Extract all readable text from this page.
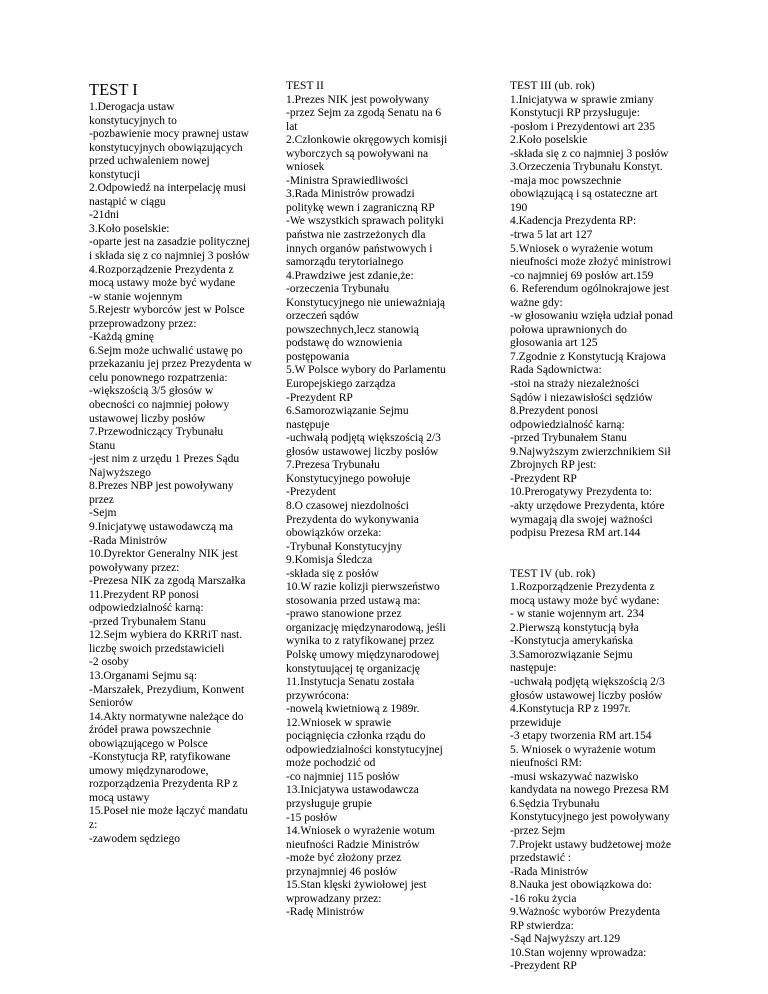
TEST I
1.Derogacja ustaw
konstytucyjnych to
-pozbawienie mocy prawnej ustaw
konstytucyjnych obowiązujących
przed uchwaleniem nowej
konstytucji
2.Odpowiedź na interpelację musi
nastąpić w ciągu
-21dni
3.Koło poselskie:
-oparte jest na zasadzie politycznej
i składa się z co najmniej 3 posłów
4.Rozporządzenie Prezydenta z
mocą ustawy może być wydane
-w stanie wojennym
5.Rejestr wyborców jest w Polsce
przeprowadzony przez:
-Każdą gminę
6.Sejm może uchwalić ustawę po
przekazaniu jej przez Prezydenta w
celu ponownego rozpatrzenia:
-większością 3/5 głosów w
obecności co najmniej połowy
ustawowej liczby posłów
7.Przewodniczący Trybunału
Stanu
-jest nim z urzędu 1 Prezes Sądu
Najwyższego
8.Prezes NBP jest powoływany
przez
-Sejm
9.Inicjatywę ustawodawczą ma
-Rada Ministrów
10.Dyrektor Generalny NIK jest
powoływany przez:
-Prezesa NIK za zgodą Marszałka
11.Prezydent RP ponosi
odpowiedzialność karną:
-przed Trybunałem Stanu
12.Sejm wybiera do KRRiT nast.
liczbę swoich przedstawicieli
-2 osoby
13.Organami Sejmu są:
-Marszałek, Prezydium, Konwent
Seniorów
14.Akty normatywne należące do
źródeł prawa powszechnie
obowiązującego w Polsce
-Konstytucja RP, ratyfikowane
umowy międzynarodowe,
rozporządzenia Prezydenta RP z
mocą ustawy
15.Poseł nie może łączyć mandatu
z:
-zawodem sędziego
TEST II
1.Prezes NIK jest powoływany
-przez Sejm za zgodą Senatu na 6
lat
2.Członkowie okręgowych komisji
wyborczych są powoływani na
wniosek
-Ministra Sprawiedliwości
3.Rada Ministrów prowadzi
politykę wewn i zagraniczną RP
-We wszystkich sprawach polityki
państwa nie zastrzeżonych dla
innych organów państwowych i
samorządu terytorialnego
4.Prawdziwe jest zdanie,że:
-orzeczenia Trybunału
Konstytucyjnego nie unieważniają
orzeczeń sądów
powszechnych,lecz stanowią
podstawę do wznowienia
postępowania
5.W Polsce wybory do Parlamentu
Europejskiego zarządza
-Prezydent RP
6.Samorozwiązanie Sejmu
następuje
-uchwałą podjętą większością 2/3
głosów ustawowej liczby posłów
7.Prezesa Trybunału
Konstytucyjnego powołuje
-Prezydent
8.O czasowej niezdolności
Prezydenta do wykonywania
obowiązków orzeka:
-Trybunał Konstytucyjny
9.Komisja Śledcza
-składa się z posłów
10.W razie kolizji pierwszeństwo
stosowania przed ustawą ma:
-prawo stanowione przez
organizację międzynarodową, jeśli
wynika to z ratyfikowanej przez
Polskę umowy międzynarodowej
konstytuującej tę organizację
11.Instytucja Senatu została
przywrócona:
-nowelą kwietniową z 1989r.
12.Wniosek w sprawie
pociągnięcia członka rządu do
odpowiedzialności konstytucyjnej
może pochodzić od
-co najmniej 115 posłów
13.Inicjatywa ustawodawcza
przysługuje grupie
-15 posłów
14.Wniosek o wyrażenie wotum
nieufności Radzie Ministrów
-może być złożony przez
przynajmniej 46 posłów
15.Stan klęski żywiołowej jest
wprowadzany przez:
-Radę Ministrów
TEST III (ub. rok)
1.Inicjatywa w sprawie zmiany
Konstytucji RP przysługuje:
-posłom i Prezydentowi art 235
2.Koło poselskie
-składa się z co najmniej 3 posłów
3.Orzeczenia Trybunału Konstyt.
-maja moc powszechnie
obowiązującą i są ostateczne art
190
4.Kadencja Prezydenta RP:
-trwa 5 lat art 127
5.Wniosek o wyrażenie wotum
nieufności może złożyć ministrowi
-co najmniej 69 posłów art.159
6. Referendum ogólnokrajowe jest
ważne gdy:
-w głosowaniu wzięła udział ponad
połowa uprawnionych do
głosowania art 125
7.Zgodnie z Konstytucją Krajowa
Rada Sądownictwa:
-stoi na straży niezależności
Sądów i niezawisłości sędziów
8.Prezydent ponosi
odpowiedzialność karną:
-przed Trybunałem Stanu
9.Najwyższym zwierzchnikiem Sił
Zbrojnych RP jest:
-Prezydent RP
10.Prerogatywy Prezydenta to:
-akty urzędowe Prezydenta, które
wymagają dla swojej ważności
podpisu Prezesa RM art.144
TEST IV (ub. rok)
1.Rozporządzenie Prezydenta z
mocą ustawy może być wydane:
- w stanie wojennym art. 234
2.Pierwszą konstytucją była
-Konstytucja amerykańska
3.Samorozwiązanie Sejmu
następuje:
-uchwałą podjętą większością 2/3
głosów ustawowej liczby posłów
4.Konstytucja RP z 1997r.
przewiduje
-3 etapy tworzenia RM art.154
5. Wniosek o wyrażenie wotum
nieufności RM:
-musi wskazywać nazwisko
kandydata na nowego Prezesa RM
6.Sędzia Trybunału
Konstytucyjnego jest powoływany
-przez Sejm
7.Projekt ustawy budżetowej może
przedstawić :
-Rada Ministrów
8.Nauka jest obowiązkowa do:
-16 roku życia
9.Ważnośc wyborów Prezydenta
RP stwierdza:
-Sąd Najwyższy art.129
10.Stan wojenny wprowadza:
-Prezydent RP
